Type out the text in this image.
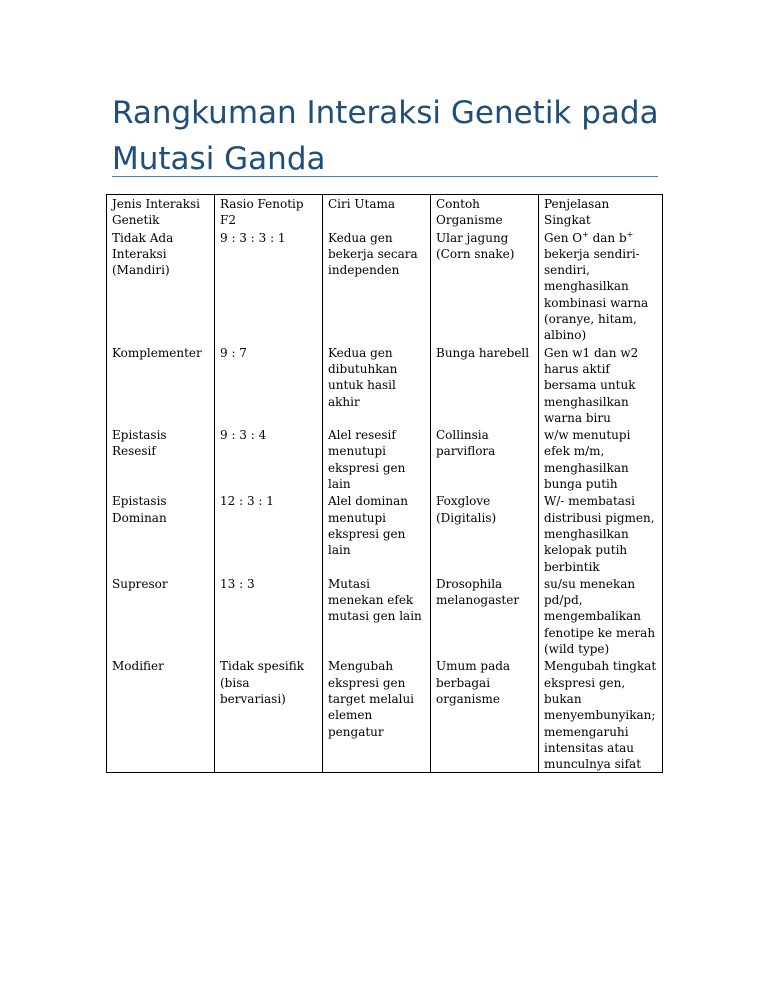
Rangkuman Interaksi Genetik pada Mutasi Ganda
Jenis Interaksi Genetik	Rasio Fenotip F2	Ciri Utama	Contoh Organisme	Penjelasan Singkat
Tidak Ada Interaksi (Mandiri)	9 : 3 : 3 : 1	Kedua gen bekerja secara independen	Ular jagung (Corn snake)	Gen O+ dan b+ bekerja sendiri-sendiri, menghasilkan kombinasi warna (oranye, hitam, albino)
Komplementer	9 : 7	Kedua gen dibutuhkan untuk hasil akhir	Bunga harebell	Gen w1 dan w2 harus aktif bersama untuk menghasilkan warna biru
Epistasis Resesif	9 : 3 : 4	Alel resesif menutupi ekspresi gen lain	Collinsia parviflora	w/w menutupi efek m/m, menghasilkan bunga putih
Epistasis Dominan	12 : 3 : 1	Alel dominan menutupi ekspresi gen lain	Foxglove (Digitalis)	W/- membatasi distribusi pigmen, menghasilkan kelopak putih berbintik
Supresor	13 : 3	Mutasi menekan efek mutasi gen lain	Drosophila melanogaster	su/su menekan pd/pd, mengembalikan fenotipe ke merah (wild type)
Modifier	Tidak spesifik (bisa bervariasi)	Mengubah ekspresi gen target melalui elemen pengatur	Umum pada berbagai organisme	Mengubah tingkat ekspresi gen, bukan menyembunyikan; memengaruhi intensitas atau munculnya sifat
